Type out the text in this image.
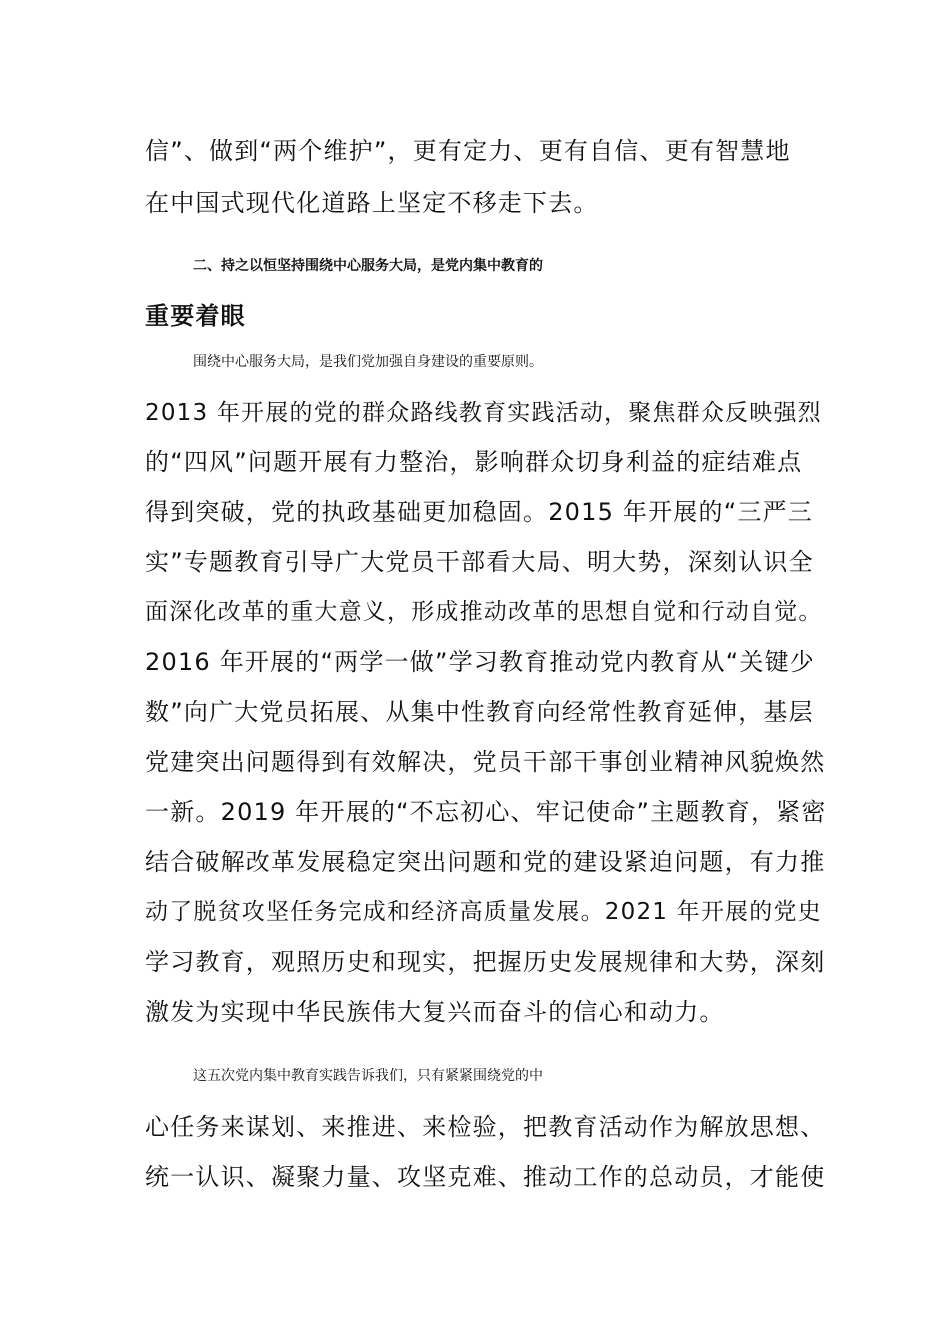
信”、做到“两个维护”，更有定力、更有自信、更有智慧地
在中国式现代化道路上坚定不移走下去。
二、持之以恒坚持围绕中心服务大局，是党内集中教育的
重要着眼
围绕中心服务大局，是我们党加强自身建设的重要原则。
2013 年开展的党的群众路线教育实践活动，聚焦群众反映强烈
的“四风”问题开展有力整治，影响群众切身利益的症结难点
得到突破，党的执政基础更加稳固。2015 年开展的“三严三
实”专题教育引导广大党员干部看大局、明大势，深刻认识全
面深化改革的重大意义，形成推动改革的思想自觉和行动自觉。
2016 年开展的“两学一做”学习教育推动党内教育从“关键少
数”向广大党员拓展、从集中性教育向经常性教育延伸，基层
党建突出问题得到有效解决，党员干部干事创业精神风貌焕然
一新。2019 年开展的“不忘初心、牢记使命”主题教育，紧密
结合破解改革发展稳定突出问题和党的建设紧迫问题，有力推
动了脱贫攻坚任务完成和经济高质量发展。2021 年开展的党史
学习教育，观照历史和现实，把握历史发展规律和大势，深刻
激发为实现中华民族伟大复兴而奋斗的信心和动力。
这五次党内集中教育实践告诉我们，只有紧紧围绕党的中
心任务来谋划、来推进、来检验，把教育活动作为解放思想、
统一认识、凝聚力量、攻坚克难、推动工作的总动员，才能使
